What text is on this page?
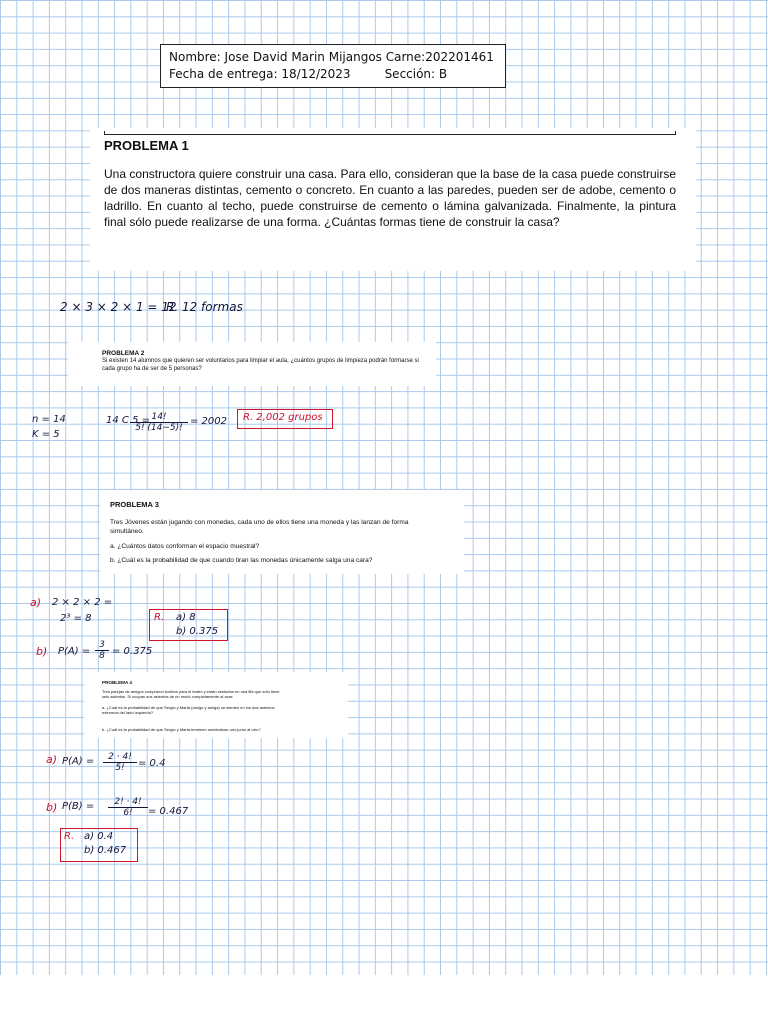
Nombre: Jose David Marin Mijangos Carne:202201461
Fecha de entrega: 18/12/2023	Sección: B
PROBLEMA 1

Una constructora quiere construir una casa. Para ello, consideran que la base de la casa puede construirse de dos maneras distintas, cemento o concreto. En cuanto a las paredes, pueden ser de adobe, cemento o ladrillo. En cuanto al techo, puede construirse de cemento o lámina galvanizada. Finalmente, la pintura final sólo puede realizarse de una forma. ¿Cuántas formas tiene de construir la casa?

2 × 3 × 2 × 1 = 12
R. 12 formas
PROBLEMA 2

Si existen 14 alumnos que quieren ser voluntarios para limpiar el aula, ¿cuántos grupos de limpieza podrán formarse si cada grupo ha de ser de 5 personas?

n = 14
K = 5
14 C 5 =
$\frac{14!}{5! (14-5)!} = 2002$ R. 2,002 grupos
PROBLEMA 3

Tres Jóvenes están jugando con monedas, cada uno de ellos tiene una moneda y las lanzan de forma

simultáneo.

a. ¿Cuántos datos conforman el espacio muestral?

b. ¿Cuál es la probabilidad de que cuando tiran las monedas únicamente salga una cara?

a) 2 × 2 × 2 =
2³ = 8	R. a) 8
b) 0.375
b) $P(A) = \frac{3}{8} = 0.375$
PROBLEMA 4

Tres parejas de amigos compraron boletos para el teatro y están sentados en una fila que sólo tiene

seis asientos. Si ocupan sus asientos de un modo completamente al azar:

a. ¿Cuál es la probabilidad de que Sergio y Marta (amigo y amiga) se sienten en los dos asientos

extremos del lado izquierdo?

b. ¿Cuál es la probabilidad de que Sergio y Marta terminen sentándose uno junto al otro?

a) $P(A) = \frac{2 \cdot 4!}{5!} = 0.4$
b) $P(B) = \frac{2! \cdot 4!}{6!} = 0.467$
R. a) 0.4
b) 0.467
